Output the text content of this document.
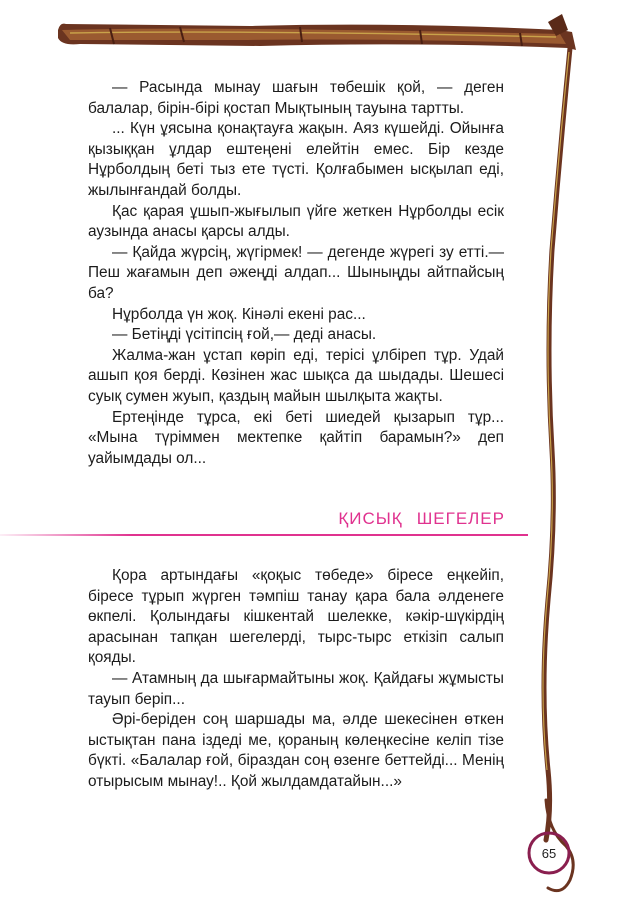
— Расында мынау шағын төбешік қой, — деген балалар, бірін-бірі қостап Мықтының тауына тартты.

... Күн ұясына қонақтауға жақын. Аяз күшейді. Ойынға қызыққан ұлдар ештеңені елейтін емес. Бір кезде Нұрболдың беті тыз ете түсті. Қолғабымен ысқылап еді, жылынғандай болды.

Қас қарая ұшып-жығылып үйге жеткен Нұрболды есік аузында анасы қарсы алды.

— Қайда жүрсің, жүгірмек! — дегенде жүрегі зу етті.— Пеш жағамын деп әжеңді алдап... Шыныңды айтпайсың ба?

Нұрболда үн жоқ. Кінәлі екені рас...

— Бетіңді үсітіпсің ғой,— деді анасы.

Жалма-жан ұстап көріп еді, терісі ұлбіреп тұр. Удай ашып қоя берді. Көзінен жас шықса да шыдады. Шешесі суық сумен жуып, қаздың майын шылқыта жақты.

Ертеңінде тұрса, екі беті шиедей қызарып тұр... «Мына түріммен мектепке қайтіп барамын?» деп уайымдады ол...

ҚИСЫҚ ШЕГЕЛЕР

Қора артындағы «қоқыс төбеде» біресе еңкейіп, біресе тұрып жүрген тәмпіш танау қара бала әлденеге өкпелі. Қолындағы кішкентай шелекке, кәкір-шүкірдің арасынан тапқан шегелерді, тырс-тырс еткізіп салып қояды.

— Атамның да шығармайтыны жоқ. Қайдағы жұмысты тауып беріп...

Әрі-беріден соң шаршады ма, әлде шекесінен өткен ыстықтан пана іздеді ме, қораның көлеңкесіне келіп тізе бүкті. «Балалар ғой, біраздан соң өзенге беттейді... Менің отырысым мынау!.. Қой жылдамдатайын...»

65
